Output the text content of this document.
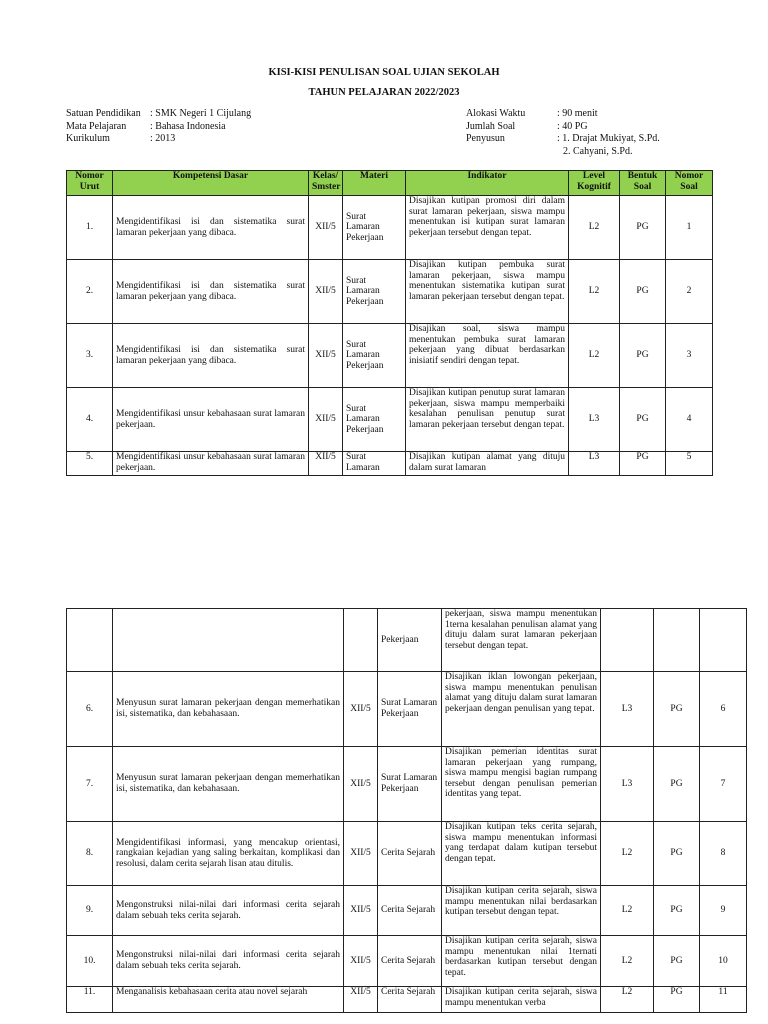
KISI-KISI PENULISAN SOAL UJIAN SEKOLAH
TAHUN PELAJARAN 2022/2023
Satuan Pendidikan : SMK Negeri 1 Cijulang
Mata Pelajaran	: Bahasa Indonesia
Kurikulum	: 2013
Alokasi Waktu	: 90 menit
Jumlah Soal	: 40 PG
Penyusun	: 1. Drajat Mukiyat, S.Pd.
2. Cahyani, S.Pd.
Nomor Urut	Kompetensi Dasar	Kelas/ Smster	Materi	Indikator	Level Kognitif	Bentuk Soal	Nomor Soal
1.	Mengidentifikasi isi dan sistematika surat lamaran pekerjaan yang dibaca.	XII/5	Surat Lamaran Pekerjaan	Disajikan kutipan promosi diri dalam surat lamaran pekerjaan, siswa mampu menentukan isi kutipan surat lamaran pekerjaan tersebut dengan tepat.	L2	PG	1
2.	Mengidentifikasi isi dan sistematika surat lamaran pekerjaan yang dibaca.	XII/5	Surat Lamaran Pekerjaan	Disajikan kutipan pembuka surat lamaran pekerjaan, siswa mampu menentukan sistematika kutipan surat lamaran pekerjaan tersebut dengan tepat.	L2	PG	2
3.	Mengidentifikasi isi dan sistematika surat lamaran pekerjaan yang dibaca.	XII/5	Surat Lamaran Pekerjaan	Disajikan soal, siswa mampu menentukan pembuka surat lamaran pekerjaan yang dibuat berdasarkan inisiatif sendiri dengan tepat.	L2	PG	3
4.	Mengidentifikasi unsur kebahasaan surat lamaran pekerjaan.	XII/5	Surat Lamaran Pekerjaan	Disajikan kutipan penutup surat lamaran pekerjaan, siswa mampu memperbaiki kesalahan penulisan penutup surat lamaran pekerjaan tersebut dengan tepat.	L3	PG	4
5.	Mengidentifikasi unsur kebahasaan surat lamaran pekerjaan.	XII/5	Surat Lamaran	Disajikan kutipan alamat yang dituju dalam surat lamaran	L3	PG	5
			Pekerjaan	pekerjaan, siswa mampu menentukan 1terna kesalahan penulisan alamat yang dituju dalam surat lamaran pekerjaan tersebut dengan tepat.			
6.	Menyusun surat lamaran pekerjaan dengan memerhatikan isi, sistematika, dan kebahasaan.	XII/5	Surat Lamaran Pekerjaan	Disajikan iklan lowongan pekerjaan, siswa mampu menentukan penulisan alamat yang dituju dalam surat lamaran pekerjaan dengan penulisan yang tepat.	L3	PG	6
7.	Menyusun surat lamaran pekerjaan dengan memerhatikan isi, sistematika, dan kebahasaan.	XII/5	Surat Lamaran Pekerjaan	Disajikan pemerian identitas surat lamaran pekerjaan yang rumpang, siswa mampu mengisi bagian rumpang tersebut dengan penulisan pemerian identitas yang tepat.	L3	PG	7
8.	Mengidentifikasi informasi, yang mencakup orientasi, rangkaian kejadian yang saling berkaitan, komplikasi dan resolusi, dalam cerita sejarah lisan atau ditulis.	XII/5	Cerita Sejarah	Disajikan kutipan teks cerita sejarah, siswa mampu menentukan informasi yang terdapat dalam kutipan tersebut dengan tepat.	L2	PG	8
9.	Mengonstruksi nilai-nilai dari informasi cerita sejarah dalam sebuah teks cerita sejarah.	XII/5	Cerita Sejarah	Disajikan kutipan cerita sejarah, siswa mampu menentukan nilai berdasarkan kutipan tersebut dengan tepat.	L2	PG	9
10.	Mengonstruksi nilai-nilai dari informasi cerita sejarah dalam sebuah teks cerita sejarah.	XII/5	Cerita Sejarah	Disajikan kutipan cerita sejarah, siswa mampu menentukan nilai 1ternati berdasarkan kutipan tersebut dengan tepat.	L2	PG	10
11.	Menganalisis kebahasaan cerita atau novel sejarah	XII/5	Cerita Sejarah	Disajikan kutipan cerita sejarah, siswa mampu menentukan verba	L2	PG	11
